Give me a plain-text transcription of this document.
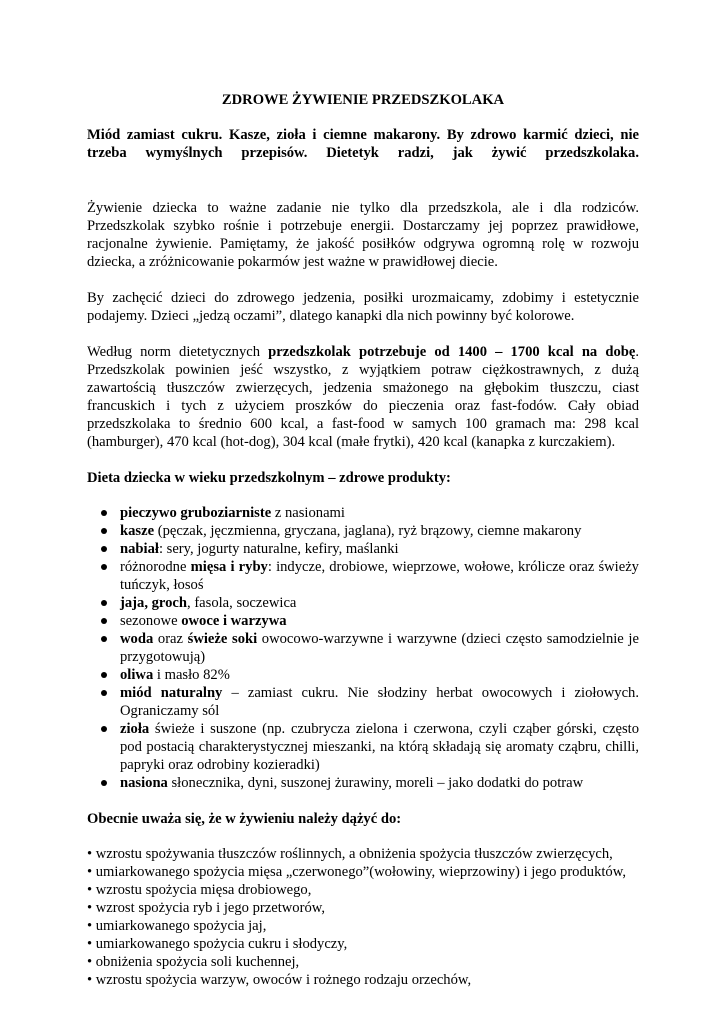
ZDROWE ŻYWIENIE PRZEDSZKOLAKA
Miód zamiast cukru. Kasze, zioła i ciemne makarony. By zdrowo karmić dzieci, nie
trzeba wymyślnych przepisów. Dietetyk radzi, jak żywić przedszkolaka.

Żywienie dziecka to ważne zadanie nie tylko dla przedszkola, ale i dla rodziców. Przedszkolak szybko rośnie i potrzebuje energii. Dostarczamy jej poprzez prawidłowe, racjonalne żywienie. Pamiętamy, że jakość posiłków odgrywa ogromną rolę w rozwoju dziecka, a zróżnicowanie pokarmów jest ważne w prawidłowej diecie.

By zachęcić dzieci do zdrowego jedzenia, posiłki urozmaicamy, zdobimy i estetycznie podajemy. Dzieci „jedzą oczami”, dlatego kanapki dla nich powinny być kolorowe.

Według norm dietetycznych przedszkolak potrzebuje od 1400 – 1700 kcal na dobę. Przedszkolak powinien jeść wszystko, z wyjątkiem potraw ciężkostrawnych, z dużą zawartością tłuszczów zwierzęcych, jedzenia smażonego na głębokim tłuszczu, ciast francuskich i tych z użyciem proszków do pieczenia oraz fast-fodów. Cały obiad przedszkolaka to średnio 600 kcal, a fast-food w samych 100 gramach ma: 298 kcal (hamburger), 470 kcal (hot-dog), 304 kcal (małe frytki), 420 kcal (kanapka z kurczakiem).

Dieta dziecka w wieku przedszkolnym – zdrowe produkty:
pieczywo gruboziarniste z nasionami
kasze (pęczak, jęczmienna, gryczana, jaglana), ryż brązowy, ciemne makarony
nabiał: sery, jogurty naturalne, kefiry, maślanki
różnorodne mięsa i ryby: indycze, drobiowe, wieprzowe, wołowe, królicze oraz świeży tuńczyk, łosoś
jaja, groch, fasola, soczewica
sezonowe owoce i warzywa
woda oraz świeże soki owocowo-warzywne i warzywne (dzieci często samodzielnie je przygotowują)
oliwa i masło 82%
miód naturalny – zamiast cukru. Nie słodziny herbat owocowych i ziołowych. Ograniczamy sól
zioła świeże i suszone (np. czubrycza zielona i czerwona, czyli cząber górski, często pod postacią charakterystycznej mieszanki, na którą składają się aromaty cząbru, chilli, papryki oraz odrobiny kozieradki)
nasiona słonecznika, dyni, suszonej żurawiny, moreli – jako dodatki do potraw
Obecnie uważa się, że w żywieniu należy dążyć do:
• wzrostu spożywania tłuszczów roślinnych, a obniżenia spożycia tłuszczów zwierzęcych,
• umiarkowanego spożycia mięsa „czerwonego”(wołowiny, wieprzowiny) i jego produktów,
• wzrostu spożycia mięsa drobiowego,
• wzrost spożycia ryb i jego przetworów,
• umiarkowanego spożycia jaj,
• umiarkowanego spożycia cukru i słodyczy,
• obniżenia spożycia soli kuchennej,
• wzrostu spożycia warzyw, owoców i rożnego rodzaju orzechów,
